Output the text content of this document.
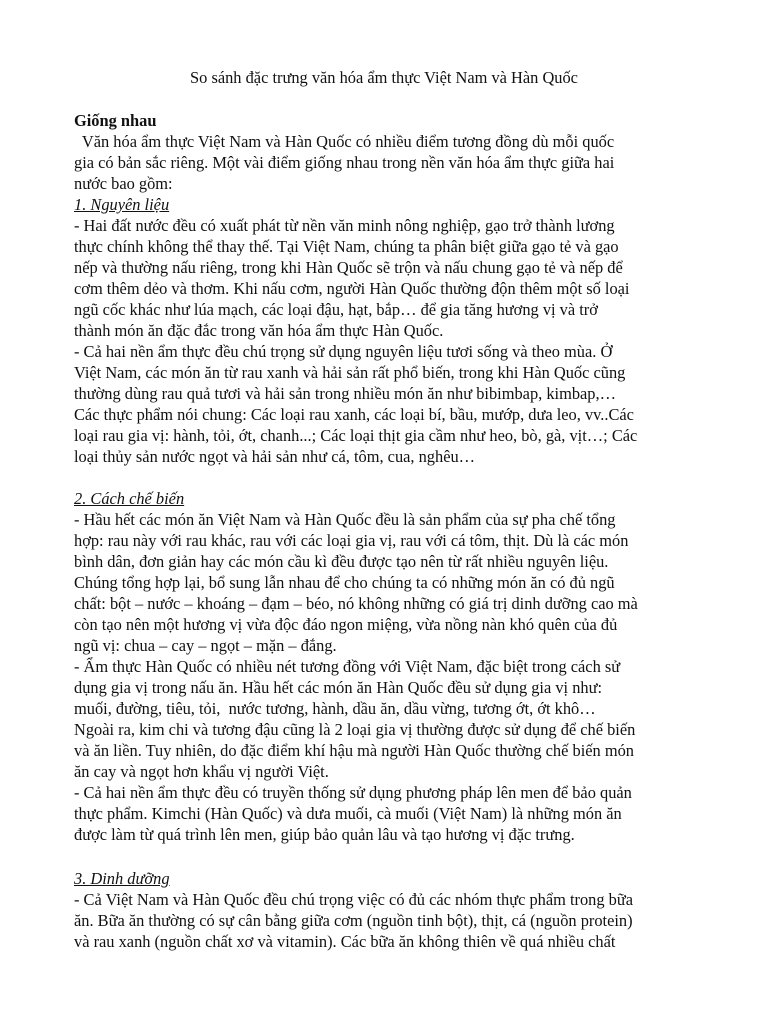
So sánh đặc trưng văn hóa ẩm thực Việt Nam và Hàn Quốc
Giống nhau
Văn hóa ẩm thực Việt Nam và Hàn Quốc có nhiều điểm tương đồng dù mỗi quốc
gia có bản sắc riêng. Một vài điểm giống nhau trong nền văn hóa ẩm thực giữa hai
nước bao gồm:
1. Nguyên liệu
- Hai đất nước đều có xuất phát từ nền văn minh nông nghiệp, gạo trở thành lương
thực chính không thể thay thế. Tại Việt Nam, chúng ta phân biệt giữa gạo tẻ và gạo
nếp và thường nấu riêng, trong khi Hàn Quốc sẽ trộn và nấu chung gạo tẻ và nếp để
cơm thêm dẻo và thơm. Khi nấu cơm, người Hàn Quốc thường độn thêm một số loại
ngũ cốc khác như lúa mạch, các loại đậu, hạt, bắp… để gia tăng hương vị và trở
thành món ăn đặc đắc trong văn hóa ẩm thực Hàn Quốc.
- Cả hai nền ẩm thực đều chú trọng sử dụng nguyên liệu tươi sống và theo mùa. Ở
Việt Nam, các món ăn từ rau xanh và hải sản rất phổ biến, trong khi Hàn Quốc cũng
thường dùng rau quả tươi và hải sản trong nhiều món ăn như bibimbap, kimbap,…
Các thực phẩm nói chung: Các loại rau xanh, các loại bí, bầu, mướp, dưa leo, vv..Các
loại rau gia vị: hành, tỏi, ớt, chanh...; Các loại thịt gia cầm như heo, bò, gà, vịt…; Các
loại thủy sản nước ngọt và hải sản như cá, tôm, cua, nghêu…
2. Cách chế biến
- Hầu hết các món ăn Việt Nam và Hàn Quốc đều là sản phẩm của sự pha chế tổng
hợp: rau này với rau khác, rau với các loại gia vị, rau với cá tôm, thịt. Dù là các món
bình dân, đơn giản hay các món cầu kì đều được tạo nên từ rất nhiều nguyên liệu.
Chúng tổng hợp lại, bổ sung lẫn nhau để cho chúng ta có những món ăn có đủ ngũ
chất: bột – nước – khoáng – đạm – béo, nó không những có giá trị dinh dưỡng cao mà
còn tạo nên một hương vị vừa độc đáo ngon miệng, vừa nồng nàn khó quên của đủ
ngũ vị: chua – cay – ngọt – mặn – đắng.
- Ẩm thực Hàn Quốc có nhiều nét tương đồng với Việt Nam, đặc biệt trong cách sử
dụng gia vị trong nấu ăn. Hầu hết các món ăn Hàn Quốc đều sử dụng gia vị như:
muối, đường, tiêu, tỏi,  nước tương, hành, dầu ăn, dầu vừng, tương ớt, ớt khô…
Ngoài ra, kim chi và tương đậu cũng là 2 loại gia vị thường được sử dụng để chế biến
và ăn liền. Tuy nhiên, do đặc điểm khí hậu mà người Hàn Quốc thường chế biến món
ăn cay và ngọt hơn khẩu vị người Việt.
- Cả hai nền ẩm thực đều có truyền thống sử dụng phương pháp lên men để bảo quản
thực phẩm. Kimchi (Hàn Quốc) và dưa muối, cà muối (Việt Nam) là những món ăn
được làm từ quá trình lên men, giúp bảo quản lâu và tạo hương vị đặc trưng.
3. Dinh dưỡng
- Cả Việt Nam và Hàn Quốc đều chú trọng việc có đủ các nhóm thực phẩm trong bữa
ăn. Bữa ăn thường có sự cân bằng giữa cơm (nguồn tinh bột), thịt, cá (nguồn protein)
và rau xanh (nguồn chất xơ và vitamin). Các bữa ăn không thiên về quá nhiều chất
